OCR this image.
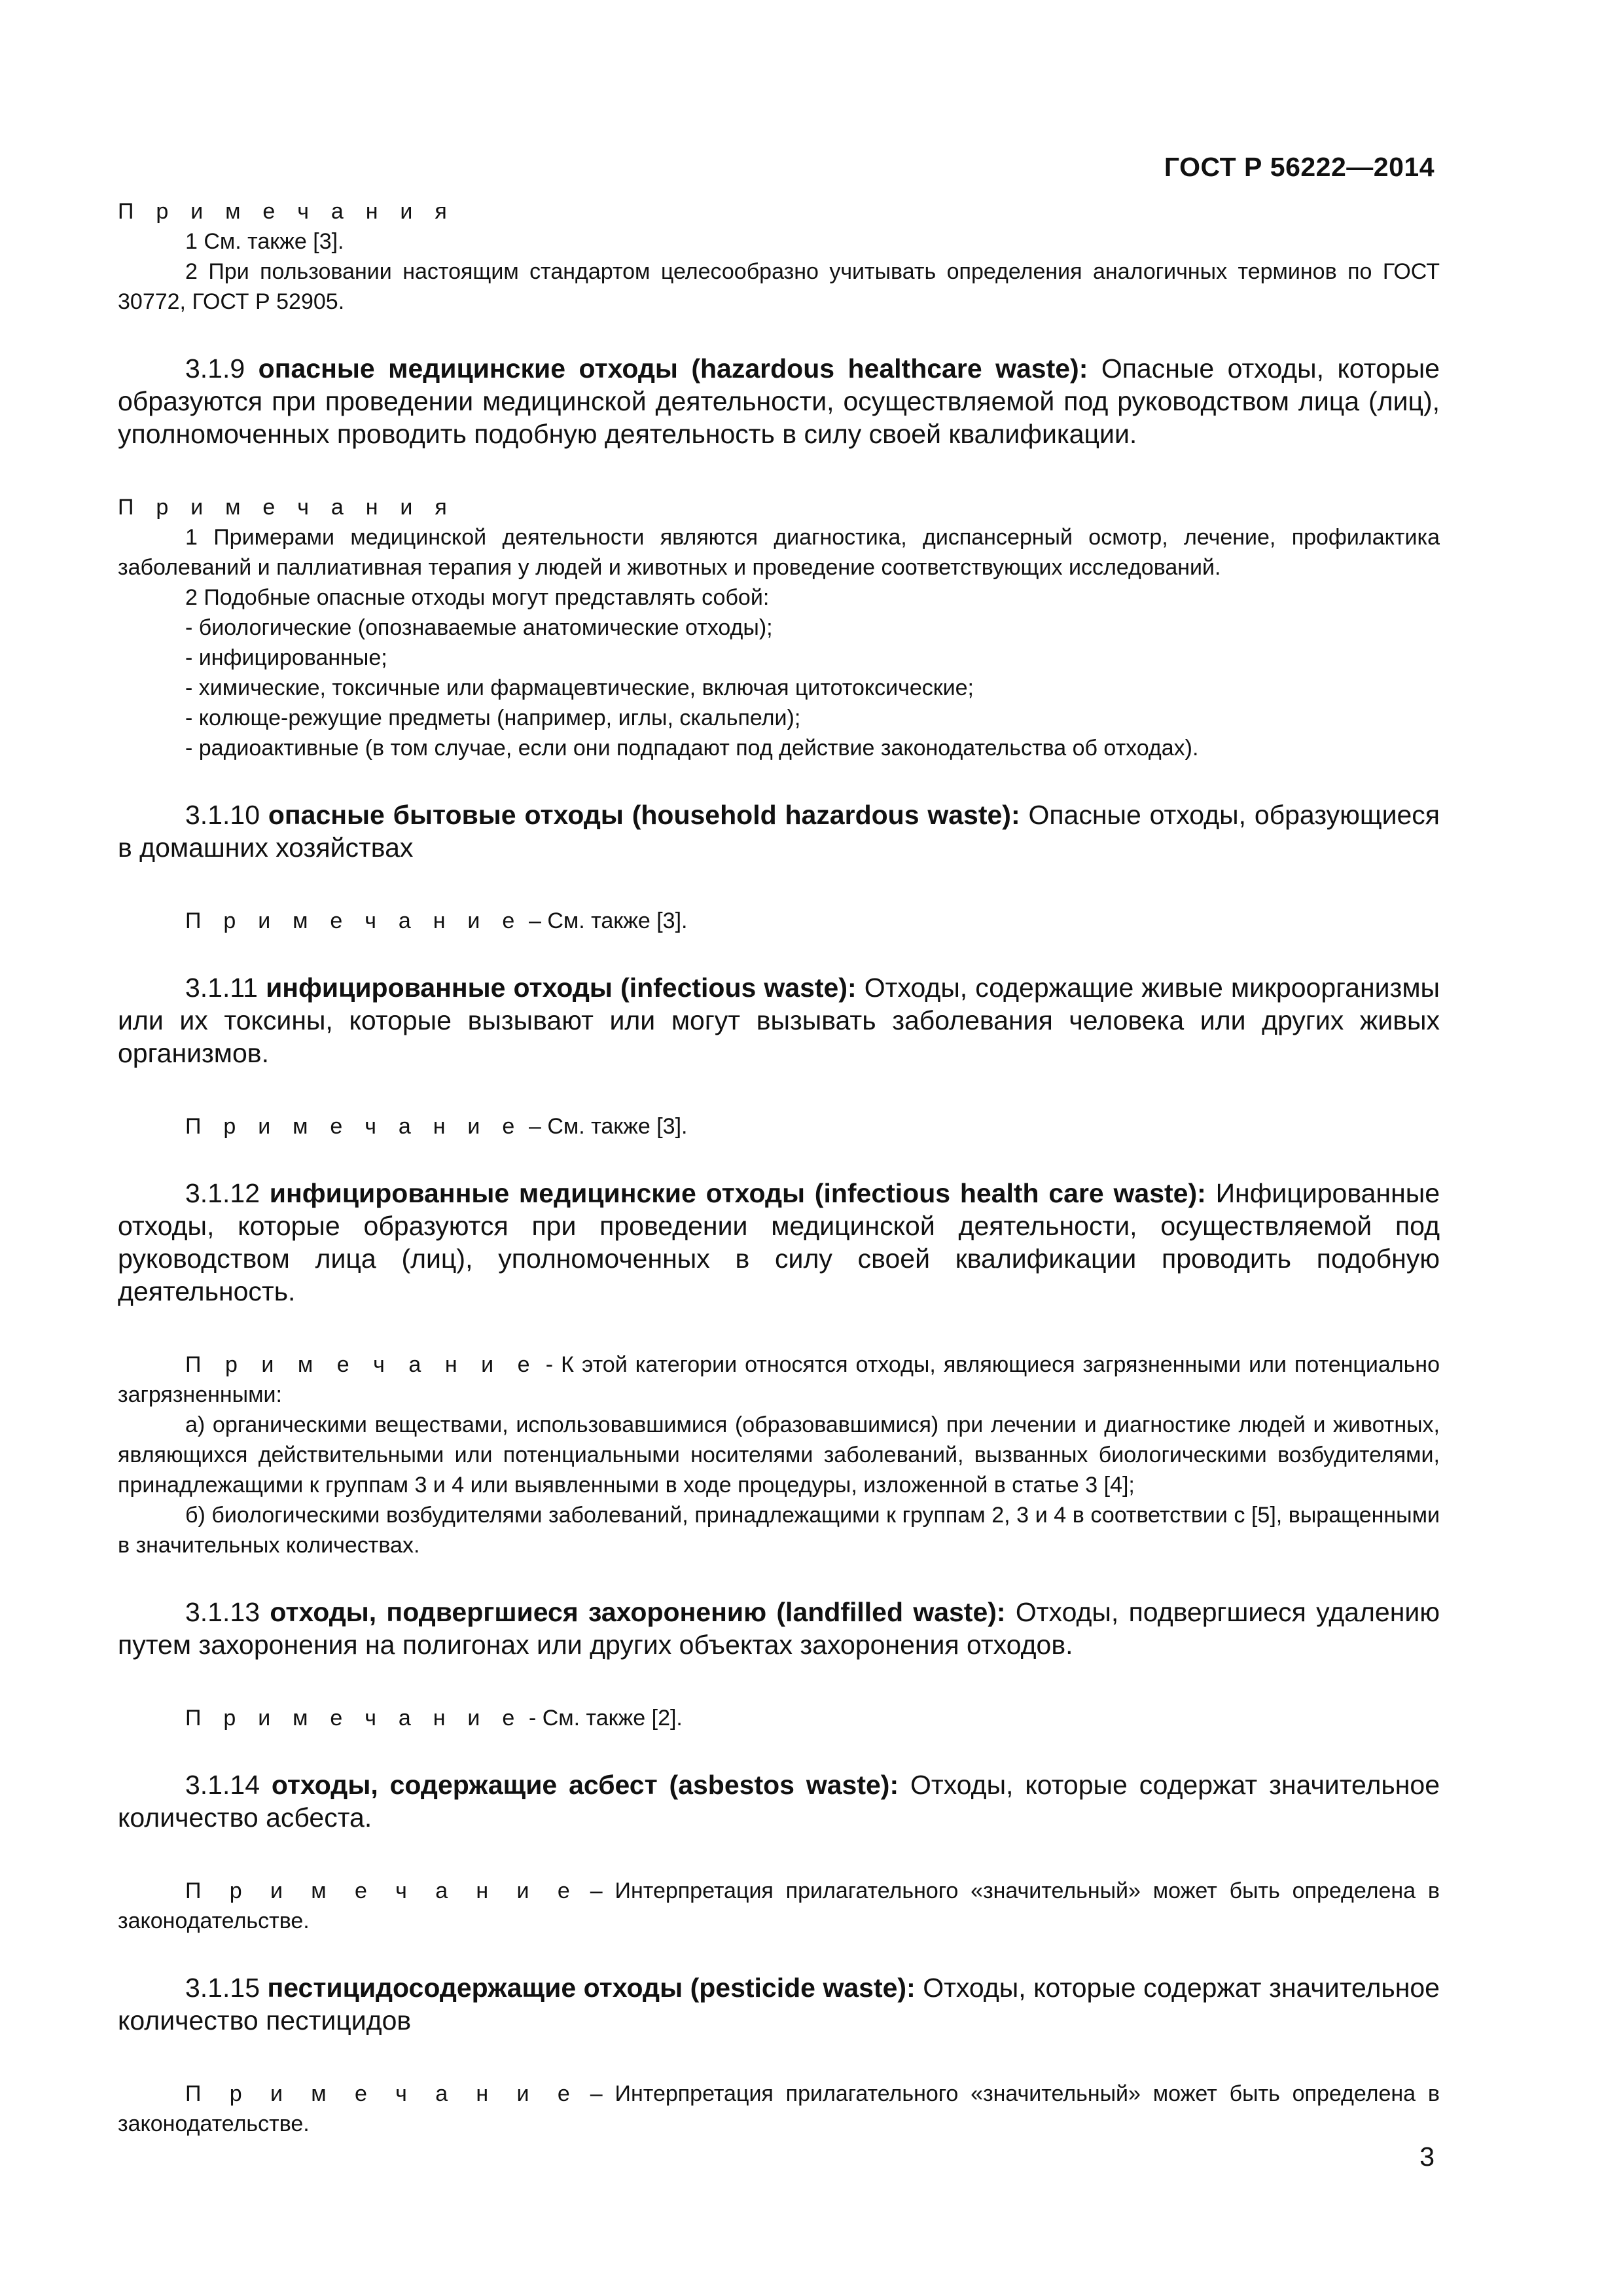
ГОСТ Р 56222—2014

П р и м е ч а н и я

1 См. также [3].

2 При пользовании настоящим стандартом целесообразно учитывать определения аналогичных терминов по ГОСТ 30772, ГОСТ Р 52905.

3.1.9 опасные медицинские отходы (hazardous healthcare waste): Опасные отходы, которые образуются при проведении медицинской деятельности, осуществляемой под руководством лица (лиц), уполномоченных проводить подобную деятельность в силу своей квалификации.

П р и м е ч а н и я

1 Примерами медицинской деятельности являются диагностика, диспансерный осмотр, лечение, профилактика заболеваний и паллиативная терапия у людей и животных и проведение соответствующих исследований.

2 Подобные опасные отходы могут представлять собой:

- биологические (опознаваемые анатомические отходы);

- инфицированные;

- химические, токсичные или фармацевтические, включая цитотоксические;

- колюще-режущие предметы (например, иглы, скальпели);

- радиоактивные (в том случае, если они подпадают под действие законодательства об отходах).

3.1.10 опасные бытовые отходы (household hazardous waste): Опасные отходы, образующиеся в домашних хозяйствах

П р и м е ч а н и е – См. также [3].

3.1.11 инфицированные отходы (infectious waste): Отходы, содержащие живые микроорганизмы или их токсины, которые вызывают или могут вызывать заболевания человека или других живых организмов.

П р и м е ч а н и е – См. также [3].

3.1.12 инфицированные медицинские отходы (infectious health care waste): Инфицированные отходы, которые образуются при проведении медицинской деятельности, осуществляемой под руководством лица (лиц), уполномоченных в силу своей квалификации проводить подобную деятельность.

П р и м е ч а н и е - К этой категории относятся отходы, являющиеся загрязненными или потенциально загрязненными:

а) органическими веществами, использовавшимися (образовавшимися) при лечении и диагностике людей и животных, являющихся действительными или потенциальными носителями заболеваний, вызванных биологическими возбудителями, принадлежащими к группам 3 и 4 или выявленными в ходе процедуры, изложенной в статье 3 [4];

б) биологическими возбудителями заболеваний, принадлежащими к группам 2, 3 и 4 в соответствии с [5], выращенными в значительных количествах.

3.1.13 отходы, подвергшиеся захоронению (landfilled waste): Отходы, подвергшиеся удалению путем захоронения на полигонах или других объектах захоронения отходов.

П р и м е ч а н и е - См. также [2].

3.1.14 отходы, содержащие асбест (asbestos waste): Отходы, которые содержат значительное количество асбеста.

П р и м е ч а н и е – Интерпретация прилагательного «значительный» может быть определена в законодательстве.

3.1.15 пестицидосодержащие отходы (pesticide waste): Отходы, которые содержат значительное количество пестицидов

П р и м е ч а н и е – Интерпретация прилагательного «значительный» может быть определена в законодательстве.

3
